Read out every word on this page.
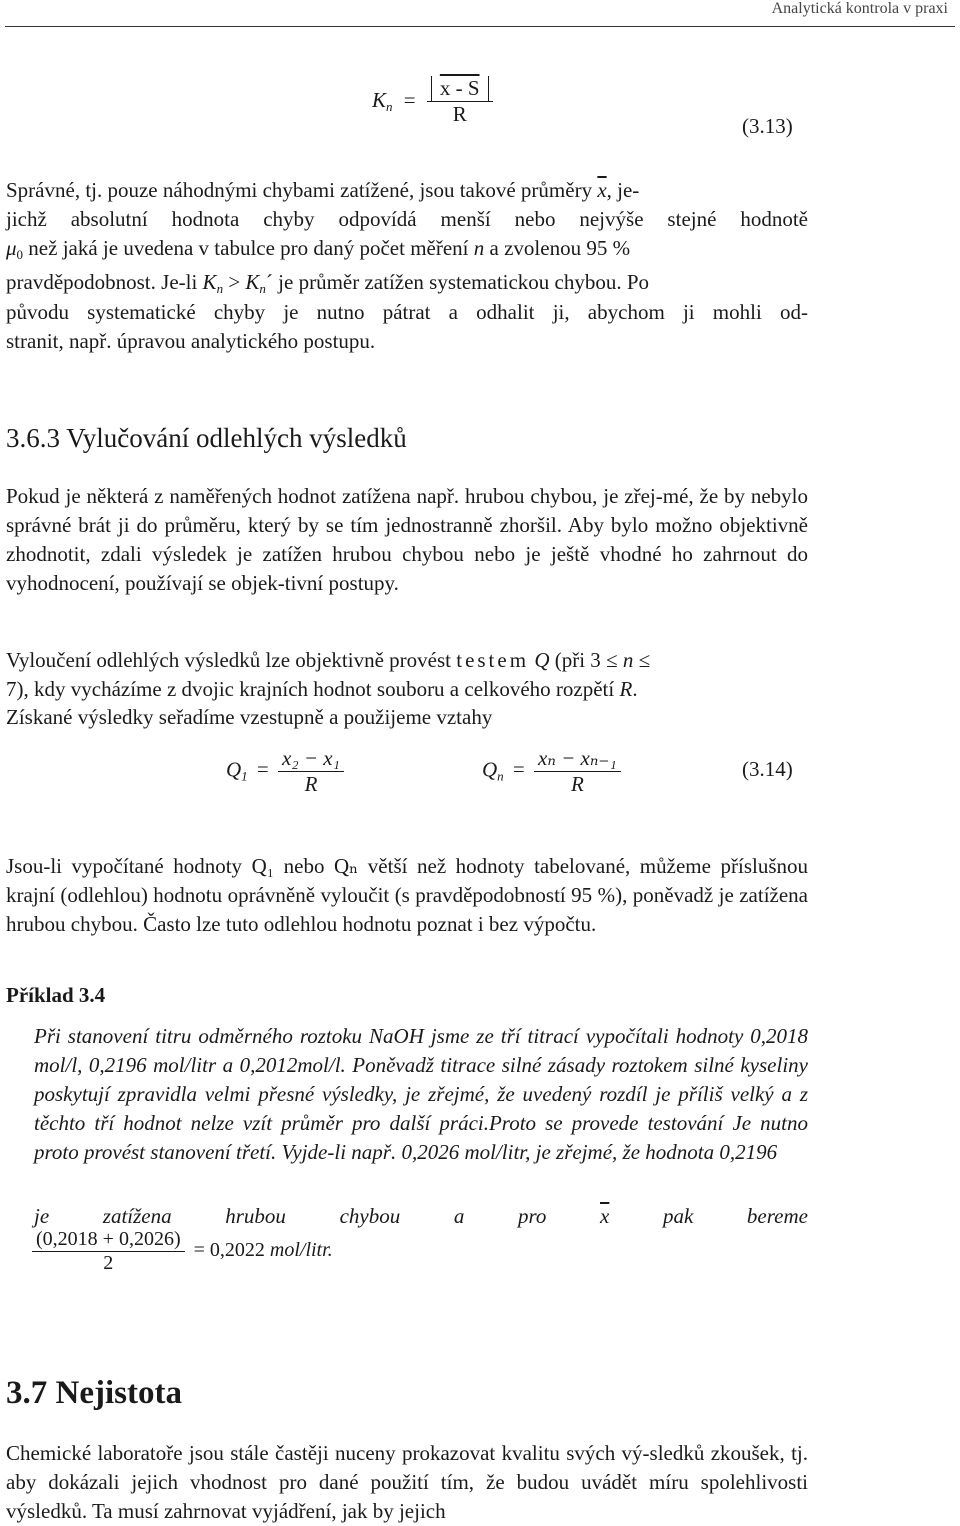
Analytická kontrola v praxi
$K_n = \frac{x - S}{R}$	(3.13)
Správné, tj. pouze náhodnými chybami zatížené, jsou takové průměry $\overline{x}$, je-
jichž absolutní hodnota chyby odpovídá menší nebo nejvýše stejné hodnotě
$\mu_0$ než jaká je uvedena v tabulce pro daný počet měření n a zvolenou 95 %
pravděpodobnost. Je-li $K_n$ > $K_n´$ je průměr zatížen systematickou chybou. Po
původu systematické chyby je nutno pátrat a odhalit ji, abychom ji mohli od-
stranit, např. úpravou analytického postupu.
3.6.3 Vylučování odlehlých výsledků
Pokud je některá z naměřených hodnot zatížena např. hrubou chybou, je zřej-mé, že by nebylo správné brát ji do průměru, který by se tím jednostranně zhoršil. Aby bylo možno objektivně zhodnotit, zdali výsledek je zatížen hrubou chybou nebo je ještě vhodné ho zahrnout do vyhodnocení, používají se objek-tivní postupy.
Vyloučení odlehlých výsledků lze objektivně provést testem Q (při 3 ≤ n ≤
7), kdy vycházíme z dvojic krajních hodnot souboru a celkového rozpětí R.
Získané výsledky seřadíme vzestupně a použijeme vztahy
$Q_1 = \frac{\text{x₂ − x₁}}{R}$	$Q_n = \frac{\text{xₙ − xₙ₋₁}}{R}$	(3.14)
Jsou-li vypočítané hodnoty Q₁ nebo Qₙ větší než hodnoty tabelované, můžeme příslušnou krajní (odlehlou) hodnotu oprávněně vyloučit (s pravděpodobností 95 %), poněvadž je zatížena hrubou chybou. Často lze tuto odlehlou hodnotu poznat i bez výpočtu.
Příklad 3.4
Při stanovení titru odměrného roztoku NaOH jsme ze tří titrací vypočítali hodnoty 0,2018 mol/l, 0,2196 mol/litr a 0,2012mol/l. Poněvadž titrace silné zásady roztokem silné kyseliny poskytují zpravidla velmi přesné výsledky, je zřejmé, že uvedený rozdíl je příliš velký a z těchto tří hodnot nelze vzít průměr pro další práci.Proto se provede testování Je nutno proto provést stanovení třetí. Vyjde-li např. 0,2026 mol/litr, je zřejmé, že hodnota 0,2196
je	zatížena	hrubou	chybou	a	pro	$\overline{x}$	pak	bereme
$\frac{(0,2018 + 0,2026)}{2} = 0,2022$ mol/litr.
3.7 Nejistota
Chemické laboratoře jsou stále častěji nuceny prokazovat kvalitu svých vý-sledků zkoušek, tj. aby dokázali jejich vhodnost pro dané použití tím, že budou uvádět míru spolehlivosti výsledků. Ta musí zahrnovat vyjádření, jak by jejich
